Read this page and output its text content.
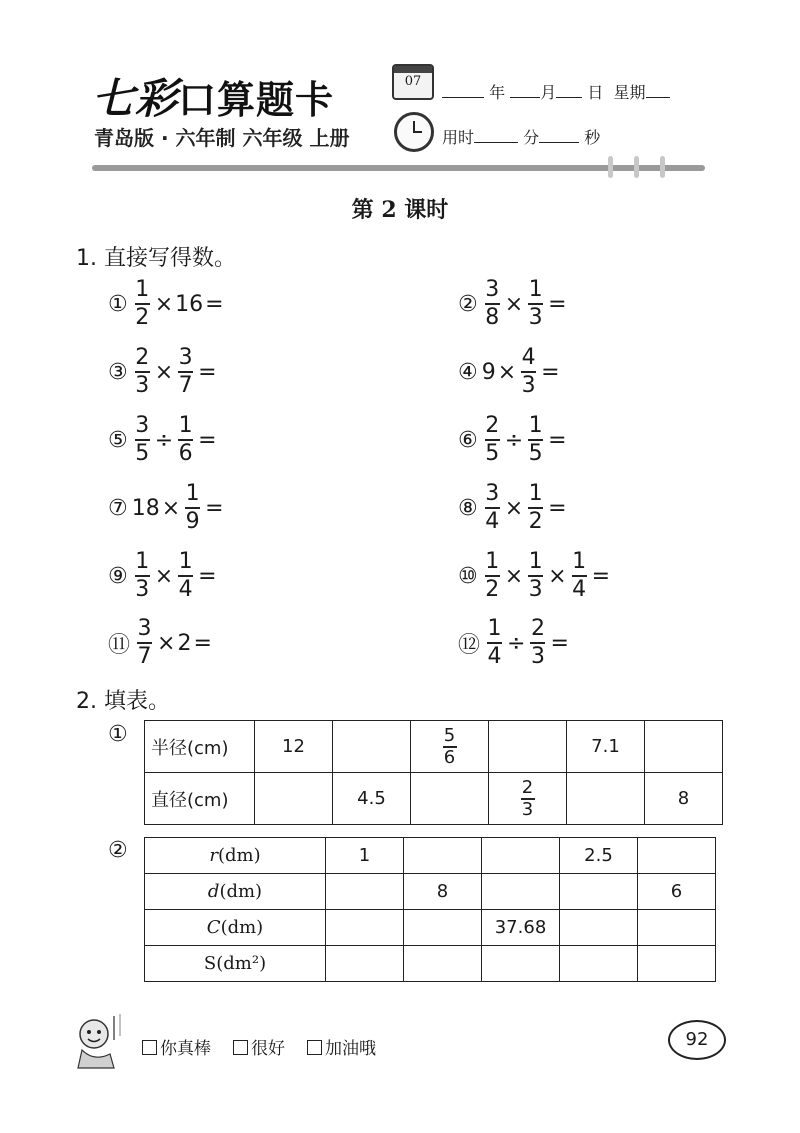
七彩口算题卡
青岛版 · 六年制 六年级 上册
07
年 月 日 星期
用时	分	秒
第 2 课时
1. 直接写得数。
① $\frac{1}{2} \times 16$ =	② $\frac{3}{8} \times \frac{1}{3}$ =
③ $\frac{2}{3} \times \frac{3}{7}$ =	④ $9 \times \frac{4}{3}$ =
⑤ $\frac{3}{5} \div \frac{1}{6}$ =	⑥ $\frac{2}{5} \div \frac{1}{5}$ =
⑦ $18 \times \frac{1}{9}$ =	⑧ $\frac{3}{4} \times \frac{1}{2}$ =
⑨ $\frac{1}{3} \times \frac{1}{4}$ =	⑩ $\frac{1}{2} \times \frac{1}{3} \times \frac{1}{4}$ =
⑪ $\frac{3}{7} \times 2$ =	⑫ $\frac{1}{4} \div \frac{2}{3}$ =
2. 填表。
①
半径(cm)	12		$\frac{5}{6}$		7.1	
直径(cm)		4.5		$\frac{2}{3}$		8
②	r(dm)	1			2.5	
d(dm)		8			6
C(dm)			37.68		
S(dm²)					
你真棒	很好	加油哦	92
